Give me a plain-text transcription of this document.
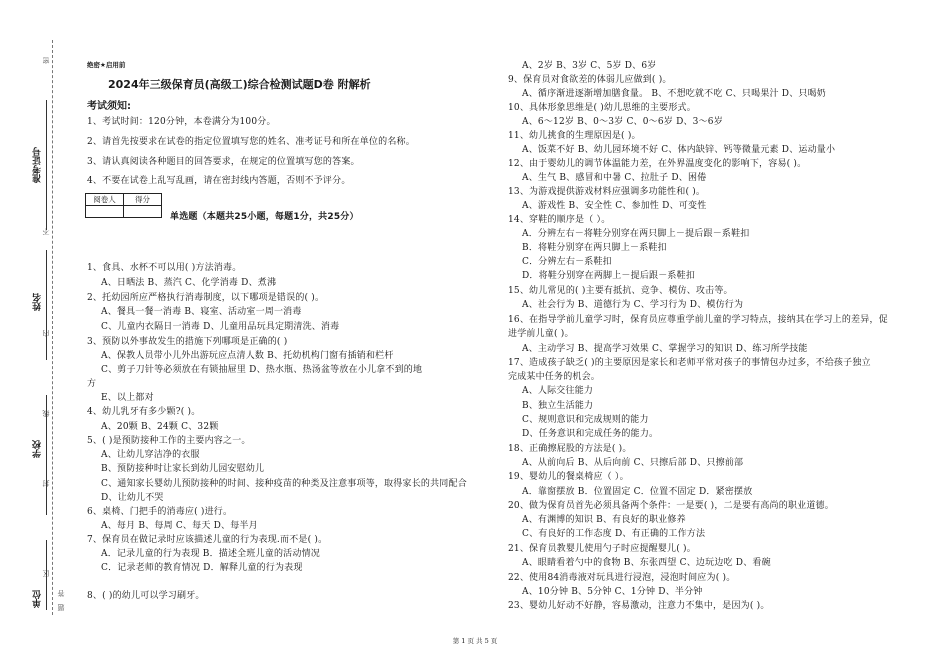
密
不
内
线
封
区
答
题
准考证号
姓名
学校
单位
绝密★启用前
2024年三级保育员(高级工)综合检测试题D卷 附解析
考试须知:
1、考试时间：120分钟，本卷满分为100分。
2、请首先按要求在试卷的指定位置填写您的姓名、准考证号和所在单位的名称。
3、请认真阅读各种题目的回答要求，在规定的位置填写您的答案。
4、不要在试卷上乱写乱画，请在密封线内答题，否则不予评分。
阅卷人	得分

单选题（本题共25小题，每题1分，共25分）
1、食具、水杯不可以用( )方法消毒。
A、日晒法 B、蒸汽 C、化学消毒 D、煮沸
2、托幼园所应严格执行消毒制度，以下哪项是错误的( )。
A、餐具一餐一消毒 B、寝室、活动室一周一消毒
C、儿童内衣隔日一消毒 D、儿童用品玩具定期清洗、消毒
3、预防以外事故发生的措施下列哪项是正确的( )
A、保教人员带小儿外出游玩应点清人数 B、托幼机构门窗有插销和栏杆
C、剪子刀针等必须放在有锁抽屉里 D、热水瓶、热汤盆等放在小儿拿不到的地
方
E、以上都对
4、幼儿乳牙有多少颗?( )。
A、20颗 B、24颗 C、32颗
5、( )是预防接种工作的主要内容之一。
A、让幼儿穿洁净的衣服
B、预防接种时让家长到幼儿园安慰幼儿
C、通知家长婴幼儿预防接种的时间、接种疫苗的种类及注意事项等，取得家长的共同配合
D、让幼儿不哭
6、桌椅、门把手的消毒应( )进行。
A、每月 B、每周 C、每天 D、每半月
7、保育员在做记录时应该描述儿童的行为表现.而不是( )。
A．记录儿童的行为表现 B．描述全班儿童的活动情况
C．记录老师的教育情况 D．解释儿童的行为表现
8、( )的幼儿可以学习刷牙。
A、2岁 B、3岁 C、5岁 D、6岁
9、保育员对食欲差的体弱儿应做到( )。
A、循序渐进逐渐增加膳食量。 B、不想吃就不吃 C、只喝果汁 D、只喝奶
10、具体形象思维是( )幼儿思维的主要形式。
A、6～12岁 B、0～3岁 C、0～6岁 D、3～6岁
11、幼儿挑食的生理原因是( )。
A、饭菜不好 B、幼儿园环境不好 C、体内缺锌、钙等微量元素 D、运动量小
12、由于婴幼儿的调节体温能力差，在外界温度变化的影响下，容易( )。
A、生气 B、感冒和中暑 C、拉肚子 D、困倦
13、为游戏提供游戏材料应强调多功能性和( )。
A、游戏性 B、安全性 C、参加性 D、可变性
14、穿鞋的顺序是（ ）。
A．分辨左右－将鞋分别穿在两只脚上－提后跟－系鞋扣
B．将鞋分别穿在两只脚上－系鞋扣
C．分辨左右－系鞋扣
D．将鞋分别穿在两脚上－提后跟－系鞋扣
15、幼儿常见的( )主要有抵抗、竞争、模仿、攻击等。
A、社会行为 B、道德行为 C、学习行为 D、模仿行为
16、在指导学前儿童学习时，保育员应尊重学前儿童的学习特点，接纳其在学习上的差异，促
进学前儿童( )。
A、主动学习 B、提高学习效果 C、掌握学习的知识 D、练习所学技能
17、造成孩子缺乏( )的主要原因是家长和老师平常对孩子的事情包办过多，不给孩子独立
完成某中任务的机会。
A、人际交往能力
B、独立生活能力
C、规则意识和完成规则的能力
D、任务意识和完成任务的能力。
18、正确擦屁股的方法是( )。
A、从前向后 B、从后向前 C、只擦后部 D、只擦前部
19、婴幼儿的餐桌椅应（ ）。
A．靠窗摆放 B．位置固定 C．位置不固定 D．紧密摆放
20、做为保育员首先必须具备两个条件：一是要( )，二是要有高尚的职业道德。
A、有渊博的知识 B、有良好的职业修养
C、有良好的工作态度 D、有正确的工作方法
21、保育员教婴儿使用勺子时应提醒婴儿( )。
A、眼睛看着勺中的食物 B、东张西望 C、边玩边吃 D、看碗
22、使用84消毒液对玩具进行浸泡，浸泡时间应为( )。
A、10分钟 B、5分钟 C、1分钟 D、半分钟
23、婴幼儿好动不好静，容易激动，注意力不集中，是因为( )。
第 1 页 共 5 页
